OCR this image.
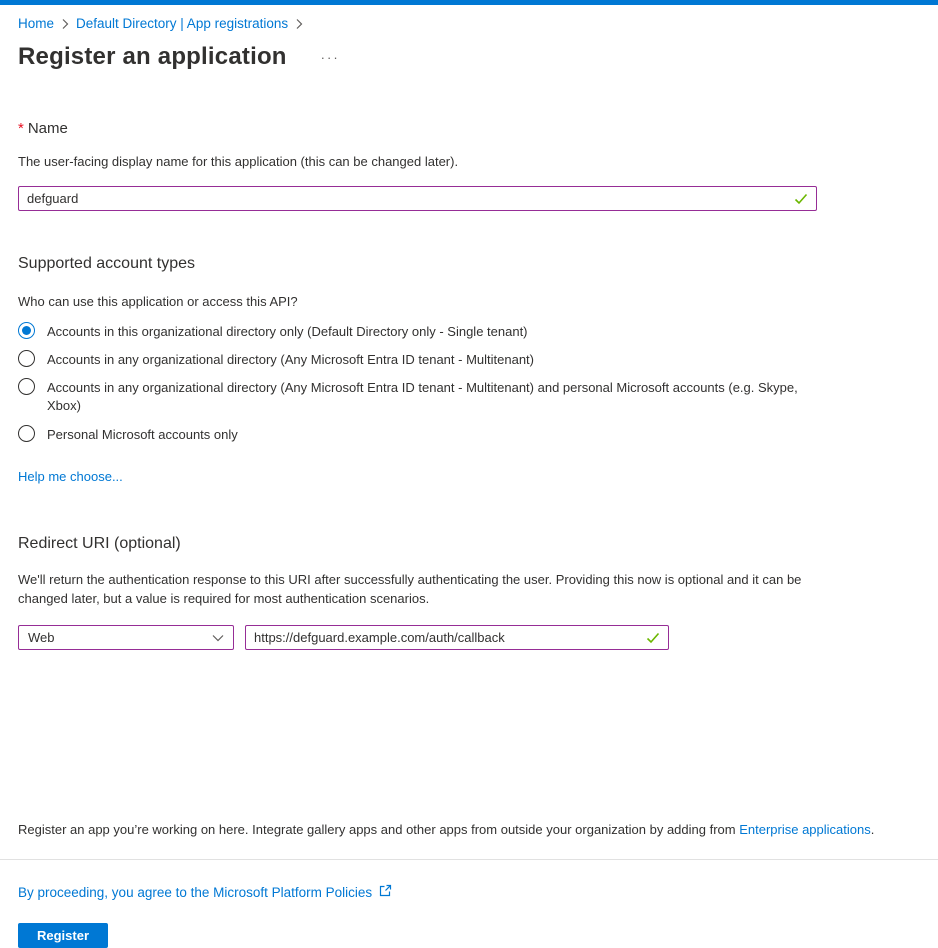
Home Default Directory | App registrations
Register an application	···
* Name
The user-facing display name for this application (this can be changed later).
defguard
Supported account types
Who can use this application or access this API?
Accounts in this organizational directory only (Default Directory only - Single tenant)
Accounts in any organizational directory (Any Microsoft Entra ID tenant - Multitenant)
Accounts in any organizational directory (Any Microsoft Entra ID tenant - Multitenant) and personal Microsoft accounts (e.g. Skype, Xbox)
Personal Microsoft accounts only
Help me choose...
Redirect URI (optional)
We'll return the authentication response to this URI after successfully authenticating the user. Providing this now is optional and it can be changed later, but a value is required for most authentication scenarios.
Web
https://defguard.example.com/auth/callback
Register an app you’re working on here. Integrate gallery apps and other apps from outside your organization by adding from Enterprise applications.
By proceeding, you agree to the Microsoft Platform Policies
Register
